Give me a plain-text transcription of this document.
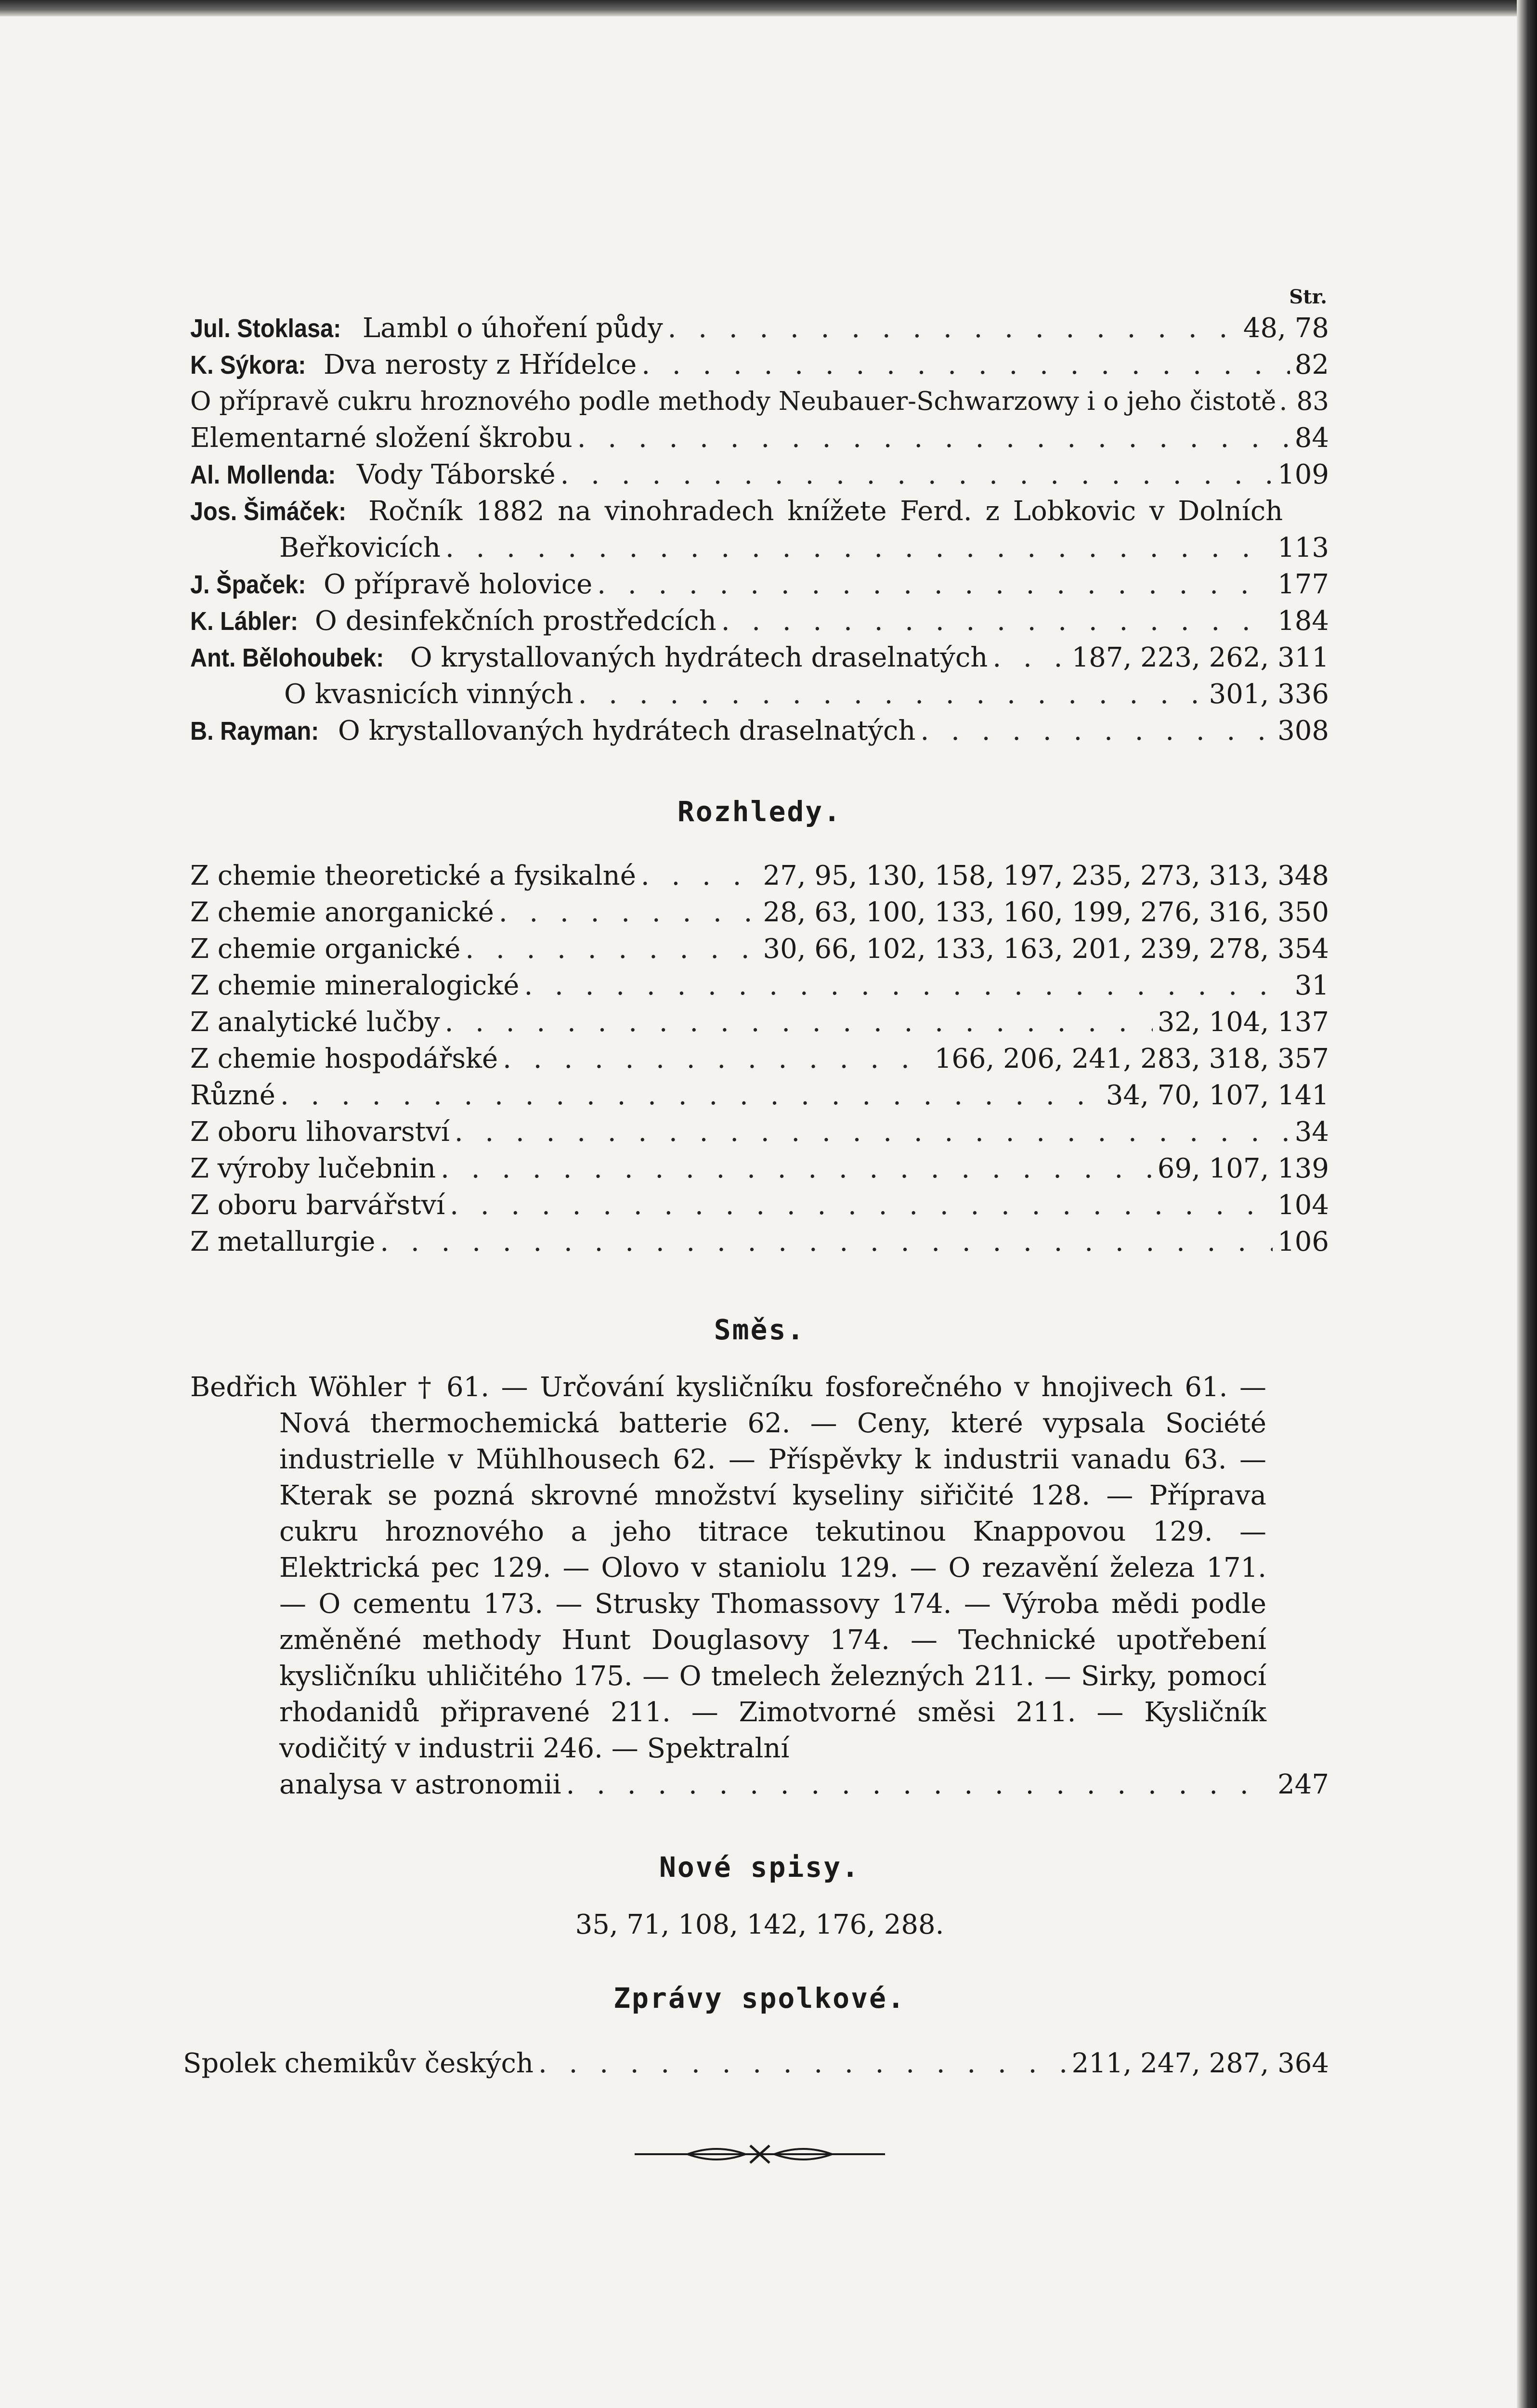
Str.
Jul. Stoklasa:
Lambl o úhoření půdy . . .	48, 78
K. Sýkora:
Dva nerosty z Hřídelce . . .	82
O přípravě cukru hroznového podle methody Neubauer-Schwarzowy i o jeho čistotě . . . 83
Elementarné složení škrobu . . .	84
Al. Mollenda:
Vody Táborské . . .	109
Jos. Šimáček:
Ročník 1882 na vinohradech knížete Ferd. z Lobkovic v Dolních
Beřkovicích . . .	113
J. Špaček:
O přípravě holovice . . .	177
K. Lábler:
O desinfekčních prostředcích . . .	184
Ant. Bělohoubek:
O krystallovaných hydrátech draselnatých . . .	187, 223, 262, 311
O kvasnicích vinných . . .	301, 336
B. Rayman:
O krystallovaných hydrátech draselnatých . . .	308
Rozhledy.
Z chemie theoretické a fysikalné . . .	27, 95, 130, 158, 197, 235, 273, 313, 348
Z chemie anorganické . . .	28, 63, 100, 133, 160, 199, 276, 316, 350
Z chemie organické . . .	30, 66, 102, 133, 163, 201, 239, 278, 354
Z chemie mineralogické . . .	31
Z analytické lučby . . .	32, 104, 137
Z chemie hospodářské . . .	166, 206, 241, 283, 318, 357
Různé . . .	34, 70, 107, 141
Z oboru lihovarství . . .	34
Z výroby lučebnin . . .	69, 107, 139
Z oboru barvářství . . .	104
Z metallurgie . . .	106
Směs.
Bedřich Wöhler † 61. — Určování kysličníku fosforečného v hnojivech 61. — Nová thermochemická batterie 62. — Ceny, které vypsala Société industrielle v Mühlhousech 62. — Příspěvky k industrii vanadu 63. — Kterak se pozná skrovné množství kyseliny siřičité 128. — Příprava cukru hroznového a jeho titrace tekutinou Knappovou 129. — Elektrická pec 129. — Olovo v staniolu 129. — O rezavění železa 171. — O cementu 173. — Strusky Thomassovy 174. — Výroba mědi podle změněné methody Hunt Douglasovy 174. — Technické upotřebení kysličníku uhličitého 175. — O tmelech železných 211. — Sirky, pomocí rhodanidů připravené 211. — Zimotvorné směsi 211. — Kysličník vodičitý v industrii 246. — Spektralní
analysa v astronomii . . .	247
Nové spisy.
35, 71, 108, 142, 176, 288.
Zprávy spolkové.
Spolek chemikův českých . . .	211, 247, 287, 364
